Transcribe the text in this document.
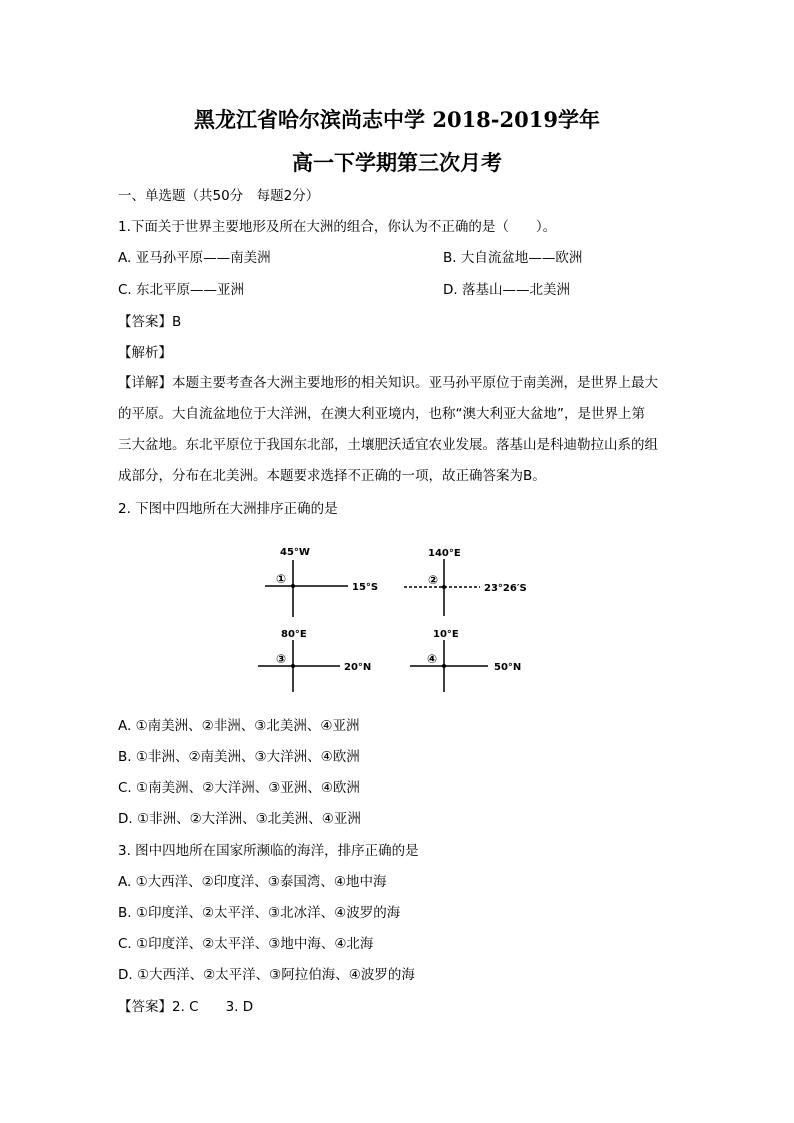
黑龙江省哈尔滨尚志中学 2018-2019学年
高一下学期第三次月考
一、单选题（共50分　每题2分）
1.下面关于世界主要地形及所在大洲的组合，你认为不正确的是（　　）。
A. 亚马孙平原——南美洲	B. 大自流盆地——欧洲
C. 东北平原——亚洲	D. 落基山——北美洲
【答案】B
【解析】
【详解】本题主要考查各大洲主要地形的相关知识。亚马孙平原位于南美洲，是世界上最大
的平原。大自流盆地位于大洋洲，在澳大利亚境内，也称“澳大利亚大盆地”，是世界上第
三大盆地。东北平原位于我国东北部，土壤肥沃适宜农业发展。落基山是科迪勒拉山系的组
成部分，分布在北美洲。本题要求选择不正确的一项，故正确答案为B。
2. 下图中四地所在大洲排序正确的是
45°W
①
15°S
140°E
②
23°26′S
80°E
③
20°N
10°E
④
50°N
A. ①南美洲、②非洲、③北美洲、④亚洲
B. ①非洲、②南美洲、③大洋洲、④欧洲
C. ①南美洲、②大洋洲、③亚洲、④欧洲
D. ①非洲、②大洋洲、③北美洲、④亚洲
3. 图中四地所在国家所濒临的海洋，排序正确的是
A. ①大西洋、②印度洋、③泰国湾、④地中海
B. ①印度洋、②太平洋、③北冰洋、④波罗的海
C. ①印度洋、②太平洋、③地中海、④北海
D. ①大西洋、②太平洋、③阿拉伯海、④波罗的海
【答案】2. C　　3. D
